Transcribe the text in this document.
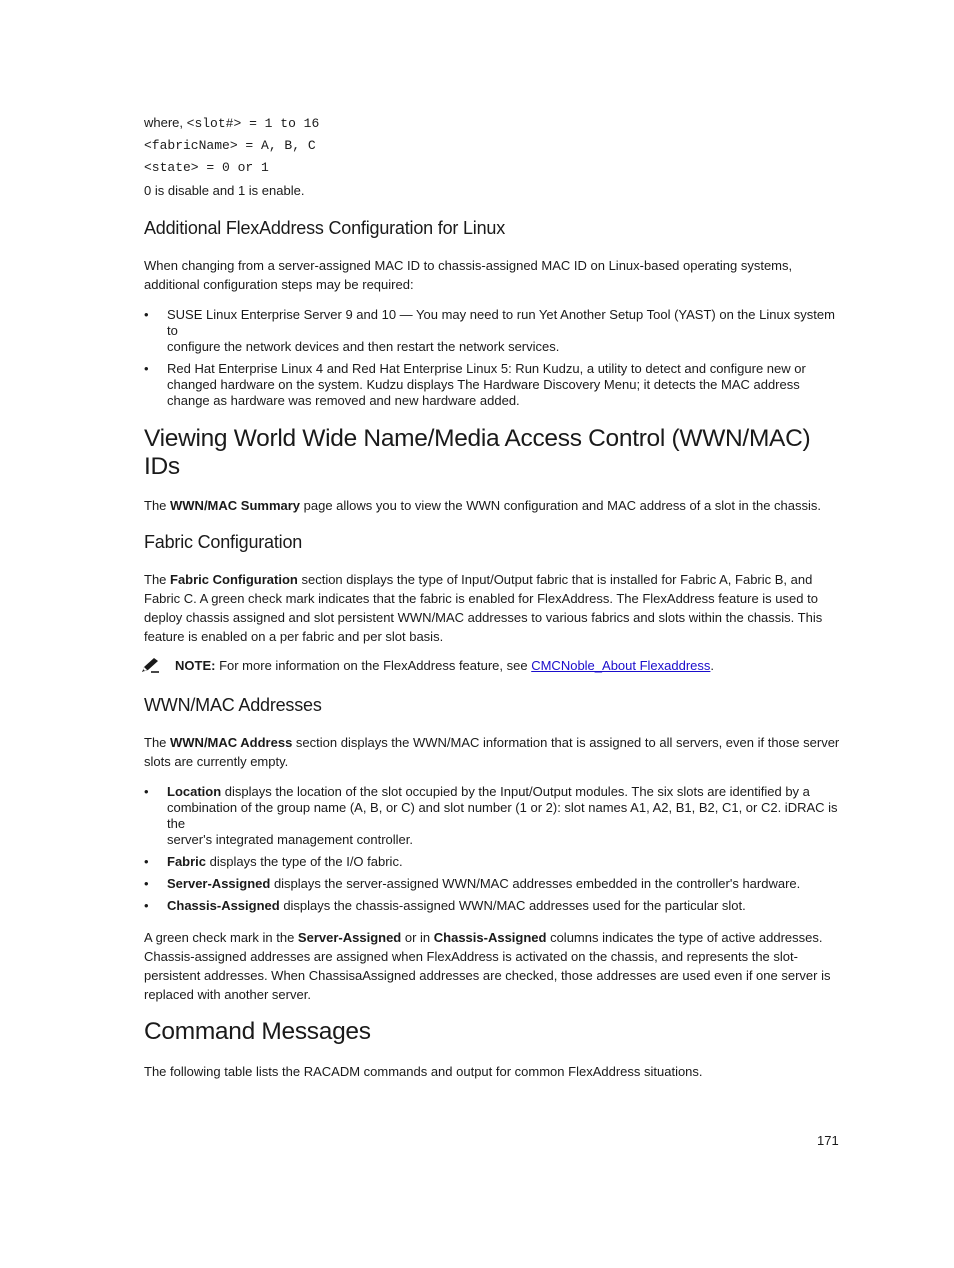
where, <slot#> = 1 to 16
<fabricName> = A, B, C
<state> = 0 or 1
0 is disable and 1 is enable.
Additional FlexAddress Configuration for Linux
When changing from a server-assigned MAC ID to chassis-assigned MAC ID on Linux-based operating systems,
additional configuration steps may be required:
• SUSE Linux Enterprise Server 9 and 10 — You may need to run Yet Another Setup Tool (YAST) on the Linux system to
configure the network devices and then restart the network services.
• Red Hat Enterprise Linux 4 and Red Hat Enterprise Linux 5: Run Kudzu, a utility to detect and configure new or
changed hardware on the system. Kudzu displays The Hardware Discovery Menu; it detects the MAC address
change as hardware was removed and new hardware added.
Viewing World Wide Name/Media Access Control (WWN/MAC) IDs

The WWN/MAC Summary page allows you to view the WWN configuration and MAC address of a slot in the chassis.

Fabric Configuration
The Fabric Configuration section displays the type of Input/Output fabric that is installed for Fabric A, Fabric B, and
Fabric C. A green check mark indicates that the fabric is enabled for FlexAddress. The FlexAddress feature is used to
deploy chassis assigned and slot persistent WWN/MAC addresses to various fabrics and slots within the chassis. This
feature is enabled on a per fabric and per slot basis.
NOTE: For more information on the FlexAddress feature, see CMCNoble_About Flexaddress.
WWN/MAC Addresses
The WWN/MAC Address section displays the WWN/MAC information that is assigned to all servers, even if those server
slots are currently empty.
• Location displays the location of the slot occupied by the Input/Output modules. The six slots are identified by a
combination of the group name (A, B, or C) and slot number (1 or 2): slot names A1, A2, B1, B2, C1, or C2. iDRAC is the
server's integrated management controller.
• Fabric displays the type of the I/O fabric.
• Server-Assigned displays the server-assigned WWN/MAC addresses embedded in the controller's hardware.
• Chassis-Assigned displays the chassis-assigned WWN/MAC addresses used for the particular slot.
A green check mark in the Server-Assigned or in Chassis-Assigned columns indicates the type of active addresses.
Chassis-assigned addresses are assigned when FlexAddress is activated on the chassis, and represents the slot-
persistent addresses. When ChassisaAssigned addresses are checked, those addresses are used even if one server is
replaced with another server.
Command Messages

The following table lists the RACADM commands and output for common FlexAddress situations.

171
